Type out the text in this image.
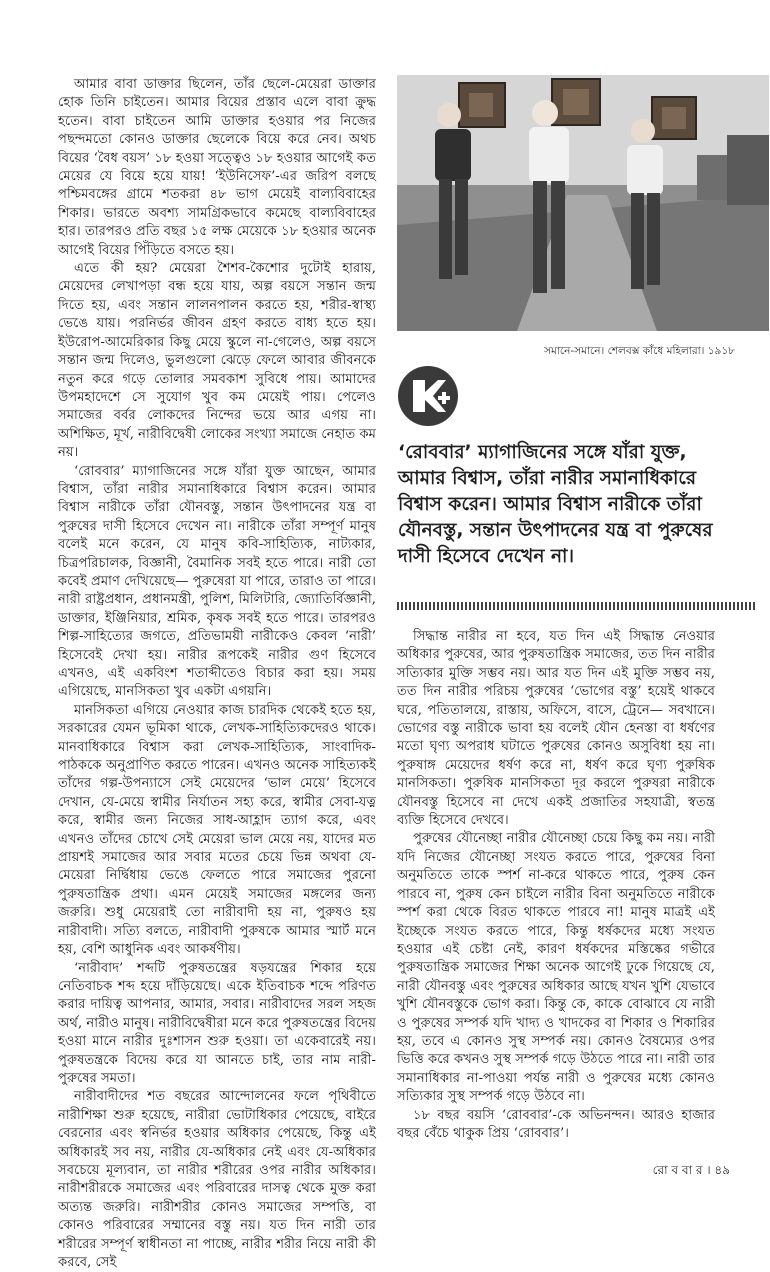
আমার বাবা ডাক্তার ছিলেন, তাঁর ছেলে-মেয়েরা ডাক্তার হোক তিনি চাইতেন। আমার বিয়ের প্রস্তাব এলে বাবা ক্রুদ্ধ হতেন। বাবা চাইতেন আমি ডাক্তার হওয়ার পর নিজের পছন্দমতো কোনও ডাক্তার ছেলেকে বিয়ে করে নেব। অথচ বিয়ের ‘বৈধ বয়স’ ১৮ হওয়া সত্ত্বেও ১৮ হওয়ার আগেই কত মেয়ের যে বিয়ে হয়ে যায়! ‘ইউনিসেফ’-এর জরিপ বলছে পশ্চিমবঙ্গের গ্রামে শতকরা ৪৮ ভাগ মেয়েই বাল্যবিবাহের শিকার। ভারতে অবশ্য সামগ্রিকভাবে কমেছে বাল্যবিবাহের হার। তারপরও প্রতি বছর ১৫ লক্ষ মেয়েকে ১৮ হওয়ার অনেক আগেই বিয়ের পিঁড়িতে বসতে হয়।

এতে কী হয়? মেয়েরা শৈশব-কৈশোর দুটোই হারায়, মেয়েদের লেখাপড়া বন্ধ হয়ে যায়, অল্প বয়সে সন্তান জন্ম দিতে হয়, এবং সন্তান লালনপালন করতে হয়, শরীর-স্বাস্থ্য ভেঙে যায়। পরনির্ভর জীবন গ্রহণ করতে বাধ্য হতে হয়। ইউরোপ-আমেরিকার কিছু মেয়ে স্কুলে না-গেলেও, অল্প বয়সে সন্তান জন্ম দিলেও, ভুলগুলো ঝেড়ে ফেলে আবার জীবনকে নতুন করে গড়ে তোলার সমবকাশ সুবিধে পায়। আমাদের উপমহাদেশে সে সুযোগ খুব কম মেয়েই পায়। পেলেও সমাজের বর্বর লোকদের নিন্দের ভয়ে আর এগয় না। অশিক্ষিত, মূর্খ, নারীবিদ্বেষী লোকের সংখ্যা সমাজে নেহাত কম নয়।

‘রোববার’ ম্যাগাজিনের সঙ্গে যাঁরা যুক্ত আছেন, আমার বিশ্বাস, তাঁরা নারীর সমানাধিকারে বিশ্বাস করেন। আমার বিশ্বাস নারীকে তাঁরা যৌনবস্তু, সন্তান উৎপাদনের যন্ত্র বা পুরুষের দাসী হিসেবে দেখেন না। নারীকে তাঁরা সম্পূর্ণ মানুষ বলেই মনে করেন, যে মানুষ কবি-সাহিত্যিক, নাট্যকার, চিত্রপরিচালক, বিজ্ঞানী, বৈমানিক সবই হতে পারে। নারী তো কবেই প্রমাণ দেখিয়েছে— পুরুষেরা যা পারে, তারাও তা পারে। নারী রাষ্ট্রপ্রধান, প্রধানমন্ত্রী, পুলিশ, মিলিটারি, জ্যোতির্বিজ্ঞানী, ডাক্তার, ইঞ্জিনিয়ার, শ্রমিক, কৃষক সবই হতে পারে। তারপরও শিল্প-সাহিত্যের জগতে, প্রতিভাময়ী নারীকেও কেবল ‘নারী’ হিসেবেই দেখা হয়। নারীর রূপকেই নারীর গুণ হিসেবে এখনও, এই একবিংশ শতাব্দীতেও বিচার করা হয়। সময় এগিয়েছে, মানসিকতা খুব একটা এগয়নি।

মানসিকতা এগিয়ে নেওয়ার কাজ চারদিক থেকেই হতে হয়, সরকারের যেমন ভূমিকা থাকে, লেখক-সাহিত্যিকদেরও থাকে। মানবাধিকারে বিশ্বাস করা লেখক-সাহিত্যিক, সাংবাদিক-পাঠককে অনুপ্রাণিত করতে পারেন। এখনও অনেক সাহিত্যকই তাঁদের গল্প-উপন্যাসে সেই মেয়েদের ‘ভাল মেয়ে’ হিসেবে দেখান, যে-মেয়ে স্বামীর নির্যাতন সহ্য করে, স্বামীর সেবা-যত্ন করে, স্বামীর জন্য নিজের সাধ-আহ্লাদ ত্যাগ করে, এবং এখনও তাঁদের চোখে সেই মেয়েরা ভাল মেয়ে নয়, যাদের মত প্রায়শই সমাজের আর সবার মতের চেয়ে ভিন্ন অথবা যে-মেয়েরা নির্দ্বিধায় ভেঙে ফেলতে পারে সমাজের পুরনো পুরুষতান্ত্রিক প্রথা। এমন মেয়েই সমাজের মঙ্গলের জন্য জরুরি। শুধু মেয়েরাই তো নারীবাদী হয় না, পুরুষও হয় নারীবাদী। সত্যি বলতে, নারীবাদী পুরুষকে আমার স্মার্ট মনে হয়, বেশি আধুনিক এবং আকর্ষণীয়।

‘নারীবাদ’ শব্দটি পুরুষতন্ত্রের ষড়যন্ত্রের শিকার হয়ে নেতিবাচক শব্দ হয়ে দাঁড়িয়েছে। একে ইতিবাচক শব্দে পরিণত করার দায়িত্ব আপনার, আমার, সবার। নারীবাদের সরল সহজ অর্থ, নারীও মানুষ। নারীবিদ্বেষীরা মনে করে পুরুষতন্ত্রের বিদেয় হওয়া মানে নারীর দুঃশাসন শুরু হওয়া। তা একেবারেই নয়। পুরুষতন্ত্রকে বিদেয় করে যা আনতে চাই, তার নাম নারী-পুরুষের সমতা।

নারীবাদীদের শত বছরের আন্দোলনের ফলে পৃথিবীতে নারীশিক্ষা শুরু হয়েছে, নারীরা ভোটাধিকার পেয়েছে, বাইরে বেরনোর এবং স্বনির্ভর হওয়ার অধিকার পেয়েছে, কিন্তু এই অধিকারই সব নয়, নারীর যে-অধিকার নেই এবং যে-অধিকার সবচেয়ে মূল্যবান, তা নারীর শরীরের ওপর নারীর অধিকার। নারীশরীরকে সমাজের এবং পরিবারের দাসত্ব থেকে মুক্ত করা অত্যন্ত জরুরি। নারীশরীর কোনও সমাজের সম্পত্তি, বা কোনও পরিবারের সম্মানের বস্তু নয়। যত দিন নারী তার শরীরের সম্পূর্ণ স্বাধীনতা না পাচ্ছে, নারীর শরীর নিয়ে নারী কী করবে, সেই

সমানে-সমানে। শেলবক্স কাঁধে মহিলারা। ১৯১৮
‘রোববার’ ম্যাগাজিনের সঙ্গে যাঁরা যুক্ত, আমার বিশ্বাস, তাঁরা নারীর সমানাধিকারে বিশ্বাস করেন। আমার বিশ্বাস নারীকে তাঁরা যৌনবস্তু, সন্তান উৎপাদনের যন্ত্র বা পুরুষের দাসী হিসেবে দেখেন না।

সিদ্ধান্ত নারীর না হবে, যত দিন এই সিদ্ধান্ত নেওয়ার অধিকার পুরুষের, আর পুরুষতান্ত্রিক সমাজের, তত দিন নারীর সত্যিকার মুক্তি সম্ভব নয়। আর যত দিন এই মুক্তি সম্ভব নয়, তত দিন নারীর পরিচয় পুরুষের ‘ভোগের বস্তু’ হয়েই থাকবে ঘরে, পতিতালয়ে, রাস্তায়, অফিসে, বাসে, ট্রেনে— সবখানে। ভোগের বস্তু নারীকে ভাবা হয় বলেই যৌন হেনস্তা বা ধর্ষণের মতো ঘৃণ্য অপরাধ ঘটাতে পুরুষের কোনও অসুবিধা হয় না। পুরুষাঙ্গ মেয়েদের ধর্ষণ করে না, ধর্ষণ করে ঘৃণ্য পুরুষিক মানসিকতা। পুরুষিক মানসিকতা দূর করলে পুরুষরা নারীকে যৌনবস্তু হিসেবে না দেখে একই প্রজাতির সহযাত্রী, স্বতন্ত্র ব্যক্তি হিসেবে দেখবে।

পুরুষের যৌনেচ্ছা নারীর যৌনেচ্ছা চেয়ে কিছু কম নয়। নারী যদি নিজের যৌনেচ্ছা সংযত করতে পারে, পুরুষের বিনা অনুমতিতে তাকে স্পর্শ না-করে থাকতে পারে, পুরুষ কেন পারবে না, পুরুষ কেন চাইলে নারীর বিনা অনুমতিতে নারীকে স্পর্শ করা থেকে বিরত থাকতে পারবে না! মানুষ মাত্রই এই ইচ্ছেকে সংযত করতে পারে, কিন্তু ধর্ষকদের মধ্যে সংযত হওয়ার এই চেষ্টা নেই, কারণ ধর্ষকদের মস্তিষ্কের গভীরে পুরুষতান্ত্রিক সমাজের শিক্ষা অনেক আগেই ঢুকে গিয়েছে যে, নারী যৌনবস্তু এবং পুরুষের অধিকার আছে যখন খুশি যেভাবে খুশি যৌনবস্তুকে ভোগ করা। কিন্তু কে, কাকে বোঝাবে যে নারী ও পুরুষের সম্পর্ক যদি খাদ্য ও খাদকের বা শিকার ও শিকারির হয়, তবে এ কোনও সুস্থ সম্পর্ক নয়। কোনও বৈষম্যের ওপর ভিত্তি করে কখনও সুস্থ সম্পর্ক গড়ে উঠতে পারে না। নারী তার সমানাধিকার না-পাওয়া পর্যন্ত নারী ও পুরুষের মধ্যে কোনও সত্যিকার সুস্থ সম্পর্ক গড়ে উঠবে না।

১৮ বছর বয়সি ‘রোববার’-কে অভিনন্দন। আরও হাজার বছর বেঁচে থাকুক প্রিয় ‘রোববার’।

রো ব বা র । ৪৯
